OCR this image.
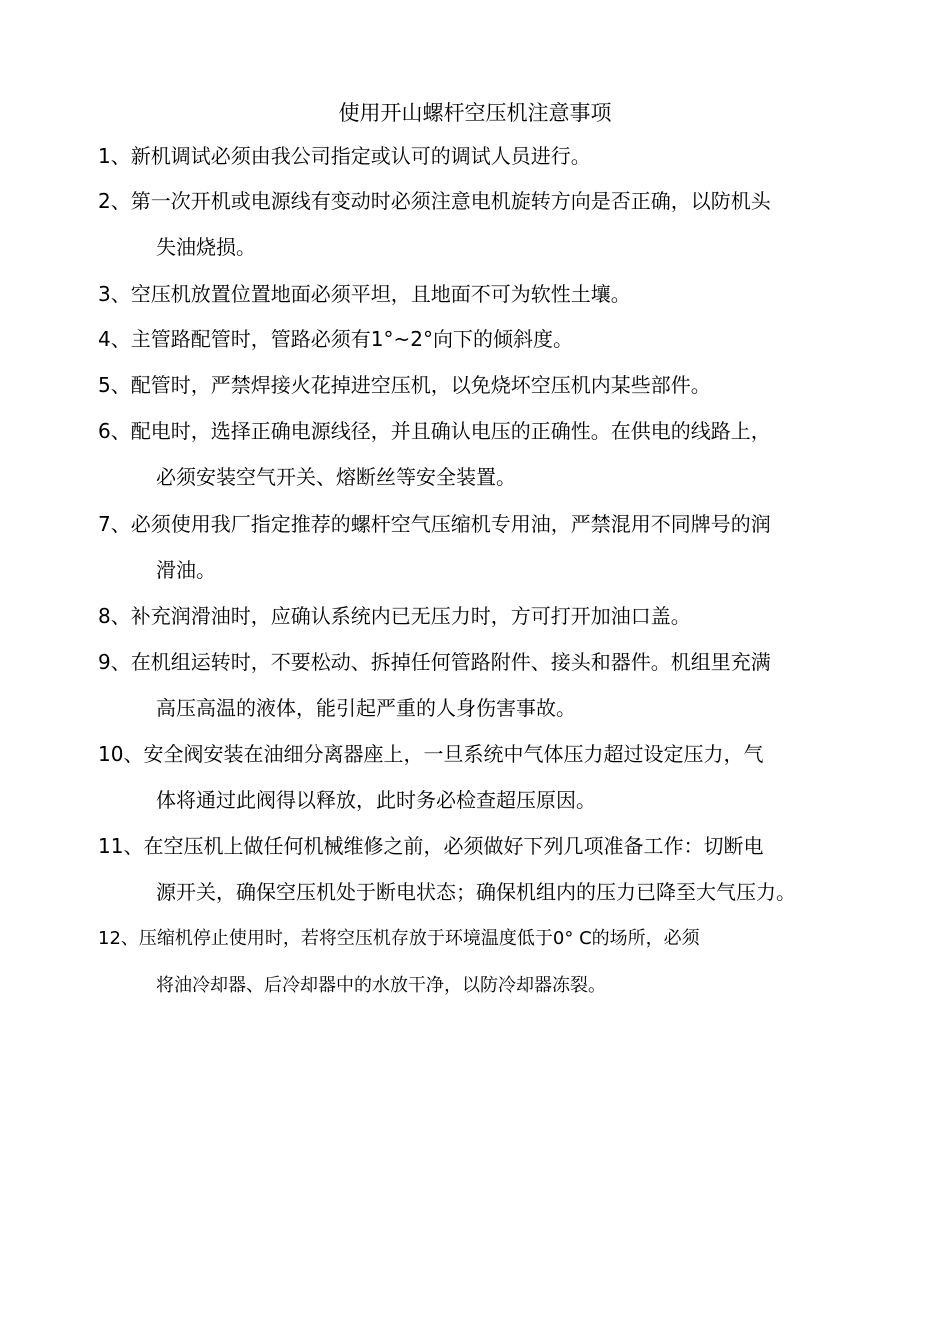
使用开山螺杆空压机注意事项
1、新机调试必须由我公司指定或认可的调试人员进行。
2、第一次开机或电源线有变动时必须注意电机旋转方向是否正确，以防机头
失油烧损。
3、空压机放置位置地面必须平坦，且地面不可为软性土壤。
4、主管路配管时，管路必须有1°~2°向下的倾斜度。
5、配管时，严禁焊接火花掉进空压机，以免烧坏空压机内某些部件。
6、配电时，选择正确电源线径，并且确认电压的正确性。在供电的线路上，
必须安装空气开关、熔断丝等安全装置。
7、必须使用我厂指定推荐的螺杆空气压缩机专用油，严禁混用不同牌号的润
滑油。
8、补充润滑油时，应确认系统内已无压力时，方可打开加油口盖。
9、在机组运转时，不要松动、拆掉任何管路附件、接头和器件。机组里充满
高压高温的液体，能引起严重的人身伤害事故。
10、安全阀安装在油细分离器座上，一旦系统中气体压力超过设定压力，气
体将通过此阀得以释放，此时务必检查超压原因。
11、在空压机上做任何机械维修之前，必须做好下列几项准备工作：切断电
源开关，确保空压机处于断电状态；确保机组内的压力已降至大气压力。
12、压缩机停止使用时，若将空压机存放于环境温度低于0° C的场所，必须
将油冷却器、后冷却器中的水放干净，以防冷却器冻裂。
